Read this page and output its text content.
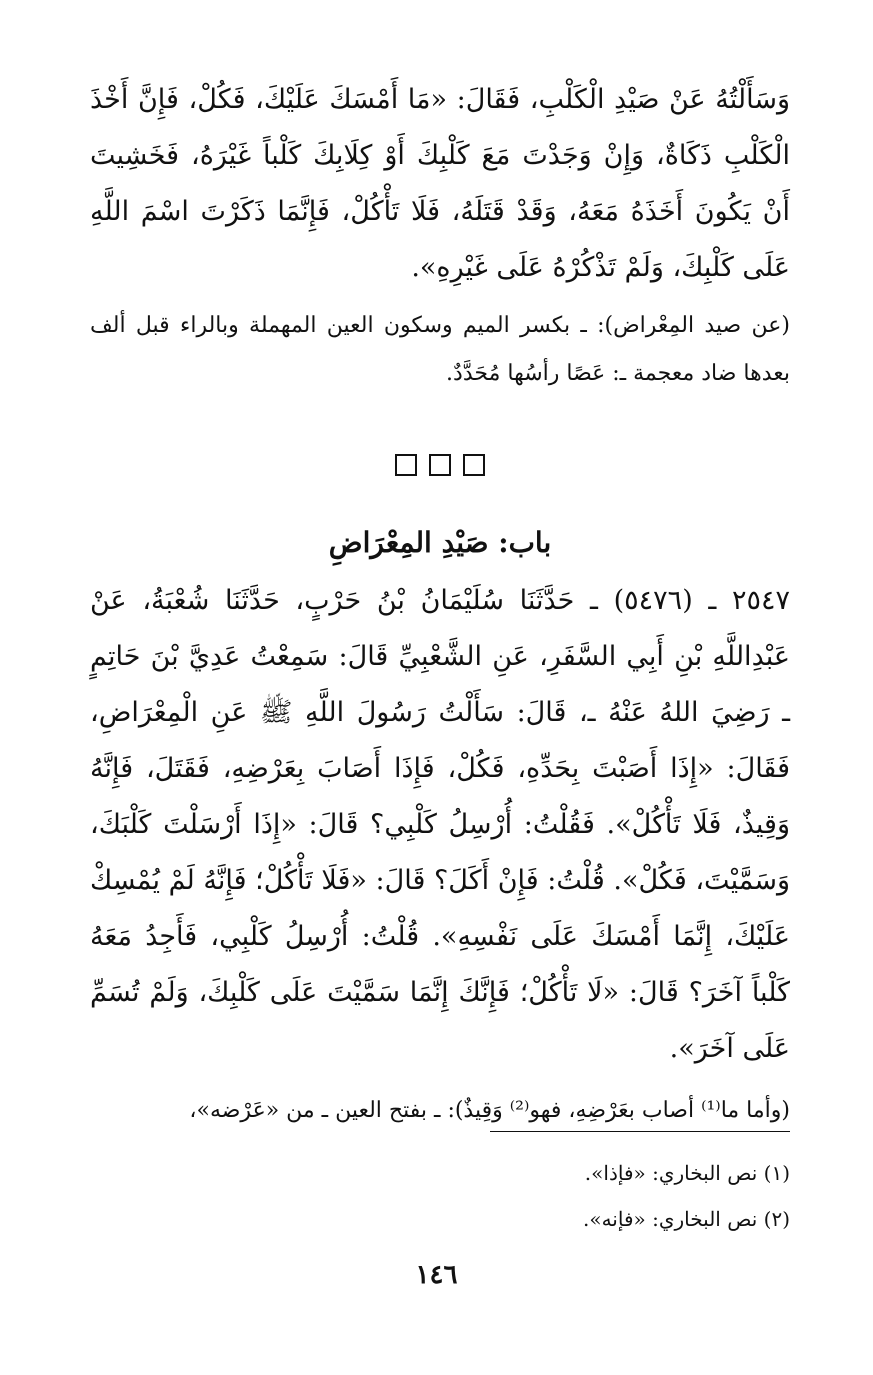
وَسَأَلْتُهُ عَنْ صَيْدِ الْكَلْبِ، فَقَالَ: «مَا أَمْسَكَ عَلَيْكَ، فَكُلْ، فَإِنَّ أَخْذَ الْكَلْبِ ذَكَاةٌ، وَإِنْ وَجَدْتَ مَعَ كَلْبِكَ أَوْ كِلَابِكَ كَلْباً غَيْرَهُ، فَخَشِيتَ أَنْ يَكُونَ أَخَذَهُ مَعَهُ، وَقَدْ قَتَلَهُ، فَلَا تَأْكُلْ، فَإِنَّمَا ذَكَرْتَ اسْمَ اللَّهِ عَلَى كَلْبِكَ، وَلَمْ تَذْكُرْهُ عَلَى غَيْرِهِ».

(عن صيد المِعْراض): ـ بكسر الميم وسكون العين المهملة وبالراء قبل ألف بعدها ضاد معجمة ـ: عَصًا رأسُها مُحَدَّدٌ.

باب: صَيْدِ المِعْرَاضِ

٢٥٤٧ ـ (٥٤٧٦) ـ حَدَّثَنَا سُلَيْمَانُ بْنُ حَرْبٍ، حَدَّثَنَا شُعْبَةُ، عَنْ عَبْدِاللَّهِ بْنِ أَبِي السَّفَرِ، عَنِ الشَّعْبِيِّ قَالَ: سَمِعْتُ عَدِيَّ بْنَ حَاتِمٍ ـ رَضِيَ اللهُ عَنْهُ ـ، قَالَ: سَأَلْتُ رَسُولَ اللَّهِ ﷺ عَنِ الْمِعْرَاضِ، فَقَالَ: «إِذَا أَصَبْتَ بِحَدِّهِ، فَكُلْ، فَإِذَا أَصَابَ بِعَرْضِهِ، فَقَتَلَ، فَإِنَّهُ وَقِيذٌ، فَلَا تَأْكُلْ». فَقُلْتُ: أُرْسِلُ كَلْبِي؟ قَالَ: «إِذَا أَرْسَلْتَ كَلْبَكَ، وَسَمَّيْتَ، فَكُلْ». قُلْتُ: فَإِنْ أَكَلَ؟ قَالَ: «فَلَا تَأْكُلْ؛ فَإِنَّهُ لَمْ يُمْسِكْ عَلَيْكَ، إِنَّمَا أَمْسَكَ عَلَى نَفْسِهِ». قُلْتُ: أُرْسِلُ كَلْبِي، فَأَجِدُ مَعَهُ كَلْباً آخَرَ؟ قَالَ: «لَا تَأْكُلْ؛ فَإِنَّكَ إِنَّمَا سَمَّيْتَ عَلَى كَلْبِكَ، وَلَمْ تُسَمِّ عَلَى آخَرَ».

(وأما ما⁽¹⁾ أصاب بعَرْضِهِ، فهو⁽²⁾ وَقِيذٌ): ـ بفتح العين ـ من «عَرْضه»،

(١) نص البخاري: «فإذا».

(٢) نص البخاري: «فإنه».

١٤٦
